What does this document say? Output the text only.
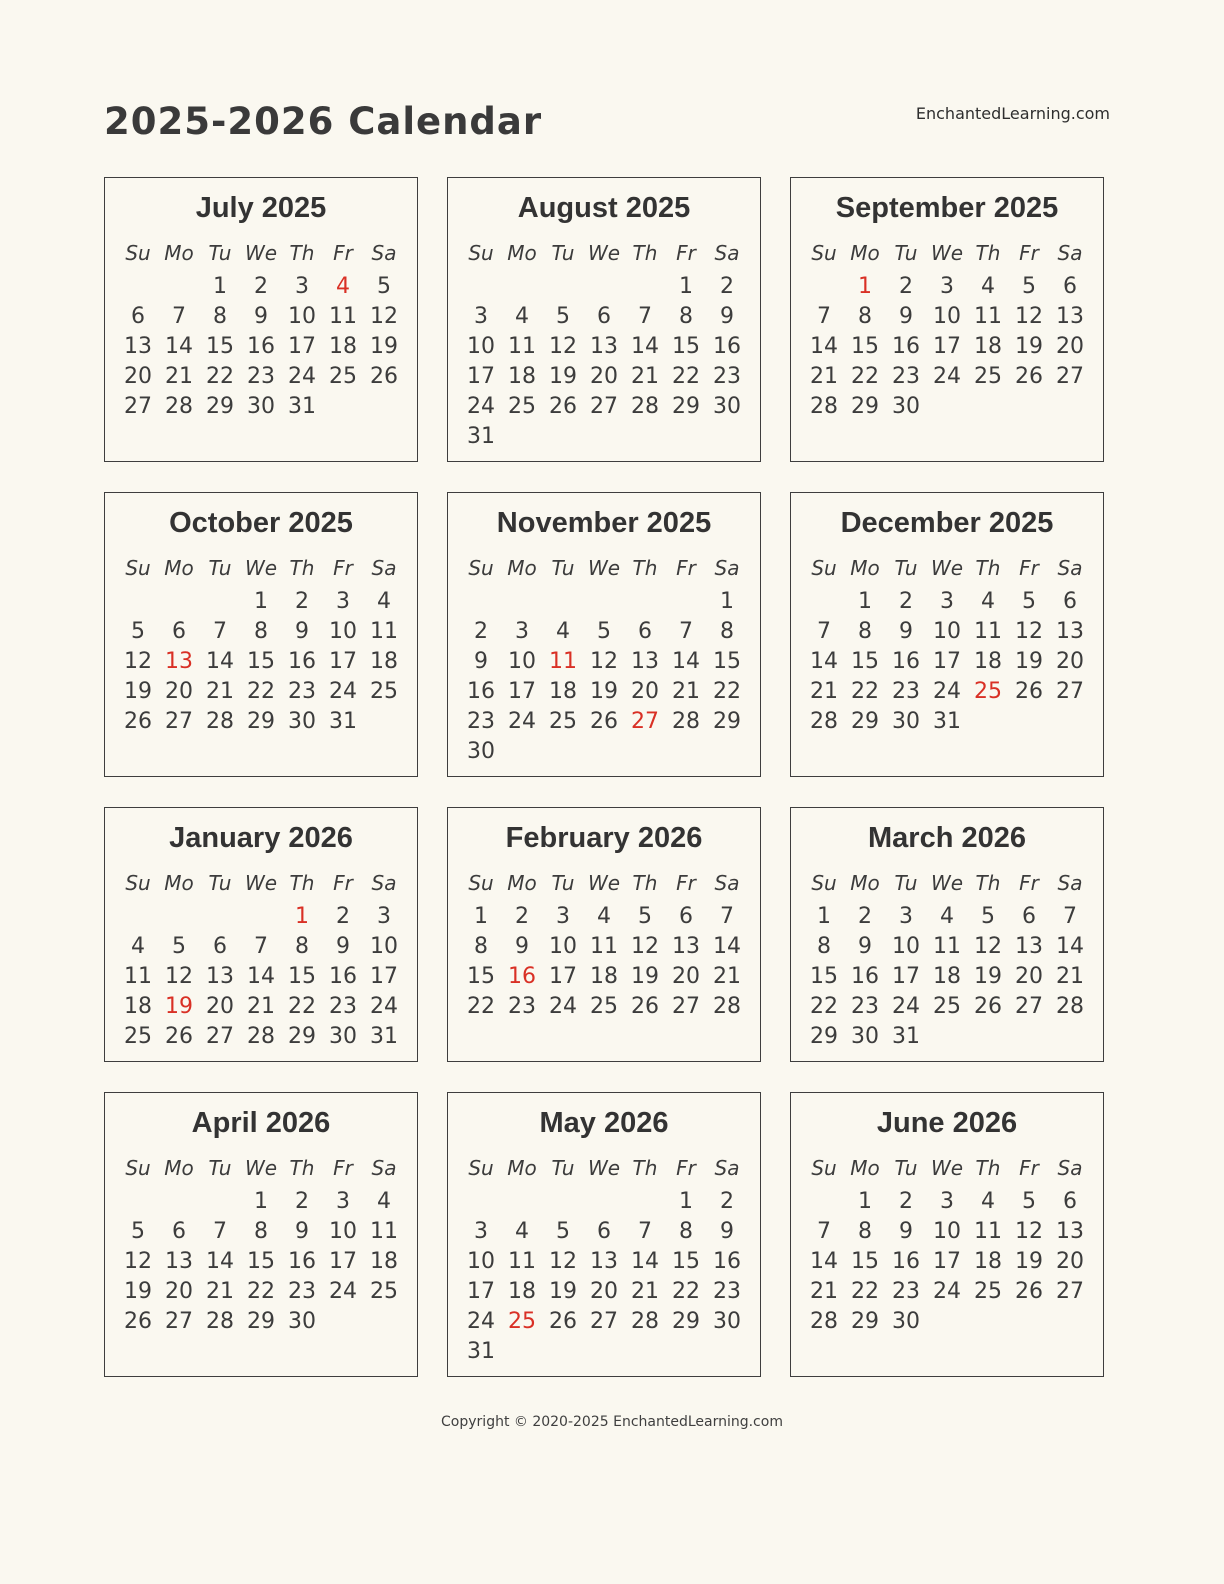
EnchantedLearning.com
2025-2026 Calendar
July 2025
Su	Mo	Tu	We	Th	Fr	Sa
		1	2	3	4	5
6	7	8	9	10	11	12
13	14	15	16	17	18	19
20	21	22	23	24	25	26
27	28	29	30	31		
August 2025
Su	Mo	Tu	We	Th	Fr	Sa
					1	2
3	4	5	6	7	8	9
10	11	12	13	14	15	16
17	18	19	20	21	22	23
24	25	26	27	28	29	30
31						
September 2025
Su	Mo	Tu	We	Th	Fr	Sa
	1	2	3	4	5	6
7	8	9	10	11	12	13
14	15	16	17	18	19	20
21	22	23	24	25	26	27
28	29	30				
October 2025
Su	Mo	Tu	We	Th	Fr	Sa
			1	2	3	4
5	6	7	8	9	10	11
12	13	14	15	16	17	18
19	20	21	22	23	24	25
26	27	28	29	30	31	
November 2025
Su	Mo	Tu	We	Th	Fr	Sa
						1
2	3	4	5	6	7	8
9	10	11	12	13	14	15
16	17	18	19	20	21	22
23	24	25	26	27	28	29
30						
December 2025
Su	Mo	Tu	We	Th	Fr	Sa
	1	2	3	4	5	6
7	8	9	10	11	12	13
14	15	16	17	18	19	20
21	22	23	24	25	26	27
28	29	30	31			
January 2026
Su	Mo	Tu	We	Th	Fr	Sa
				1	2	3
4	5	6	7	8	9	10
11	12	13	14	15	16	17
18	19	20	21	22	23	24
25	26	27	28	29	30	31
February 2026
Su	Mo	Tu	We	Th	Fr	Sa
1	2	3	4	5	6	7
8	9	10	11	12	13	14
15	16	17	18	19	20	21
22	23	24	25	26	27	28
March 2026
Su	Mo	Tu	We	Th	Fr	Sa
1	2	3	4	5	6	7
8	9	10	11	12	13	14
15	16	17	18	19	20	21
22	23	24	25	26	27	28
29	30	31				
April 2026
Su	Mo	Tu	We	Th	Fr	Sa
			1	2	3	4
5	6	7	8	9	10	11
12	13	14	15	16	17	18
19	20	21	22	23	24	25
26	27	28	29	30		
May 2026
Su	Mo	Tu	We	Th	Fr	Sa
					1	2
3	4	5	6	7	8	9
10	11	12	13	14	15	16
17	18	19	20	21	22	23
24	25	26	27	28	29	30
31						
June 2026
Su	Mo	Tu	We	Th	Fr	Sa
	1	2	3	4	5	6
7	8	9	10	11	12	13
14	15	16	17	18	19	20
21	22	23	24	25	26	27
28	29	30				
Copyright © 2020-2025 EnchantedLearning.com
